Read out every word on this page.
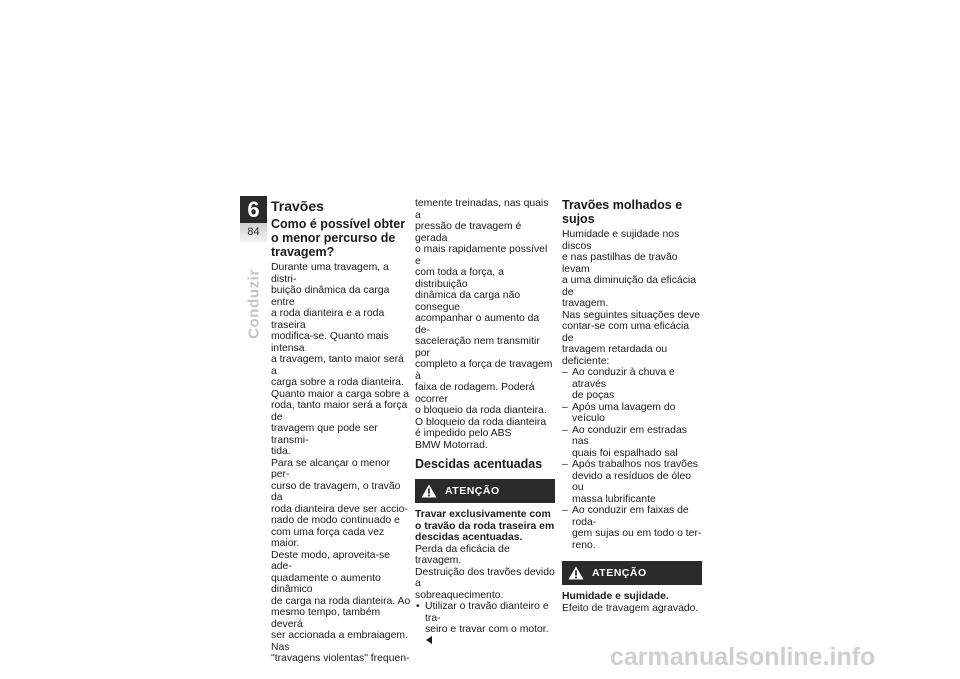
6
84
Conduzir
Travões
Como é possível obter
o menor percurso de
travagem?

Durante uma travagem, a distri-
buição dinâmica da carga entre
a roda dianteira e a roda traseira
modifica-se. Quanto mais intensa
a travagem, tanto maior será a
carga sobre a roda dianteira.
Quanto maior a carga sobre a
roda, tanto maior será a força de
travagem que pode ser transmi-
tida.

Para se alcançar o menor per-
curso de travagem, o travão da
roda dianteira deve ser accio-
nado de modo continuado e
com uma força cada vez maior.
Deste modo, aproveita-se ade-
quadamente o aumento dinâmico
de carga na roda dianteira. Ao
mesmo tempo, também deverá
ser accionada a embraiagem. Nas
"travagens violentas" frequen-

temente treinadas, nas quais a
pressão de travagem é gerada
o mais rapidamente possível e
com toda a força, a distribuição
dinâmica da carga não consegue
acompanhar o aumento da de-
saceleração nem transmitir por
completo a força de travagem à
faixa de rodagem. Poderá ocorrer
o bloqueio da roda dianteira.

O bloqueio da roda dianteira
é impedido pelo ABS
BMW Motorrad.

Descidas acentuadas
ATENÇÃO

Travar exclusivamente com
o travão da roda traseira em
descidas acentuadas.

Perda da eficácia de travagem.
Destruição dos travões devido a
sobreaquecimento.

• Utilizar o travão dianteiro e tra-
seiro e travar com o motor.
Travões molhados e sujos

Humidade e sujidade nos discos
e nas pastilhas de travão levam
a uma diminuição da eficácia de
travagem.

Nas seguintes situações deve
contar-se com uma eficácia de
travagem retardada ou deficiente:

– Ao conduzir à chuva e através
de poças
– Após uma lavagem do veículo
– Ao conduzir em estradas nas
quais foi espalhado sal
– Após trabalhos nos travões
devido a resíduos de óleo ou
massa lubrificante
– Ao conduzir em faixas de roda-
gem sujas ou em todo o ter-
reno.
ATENÇÃO

Humidade e sujidade.

Efeito de travagem agravado.

carmanualsonline.info
